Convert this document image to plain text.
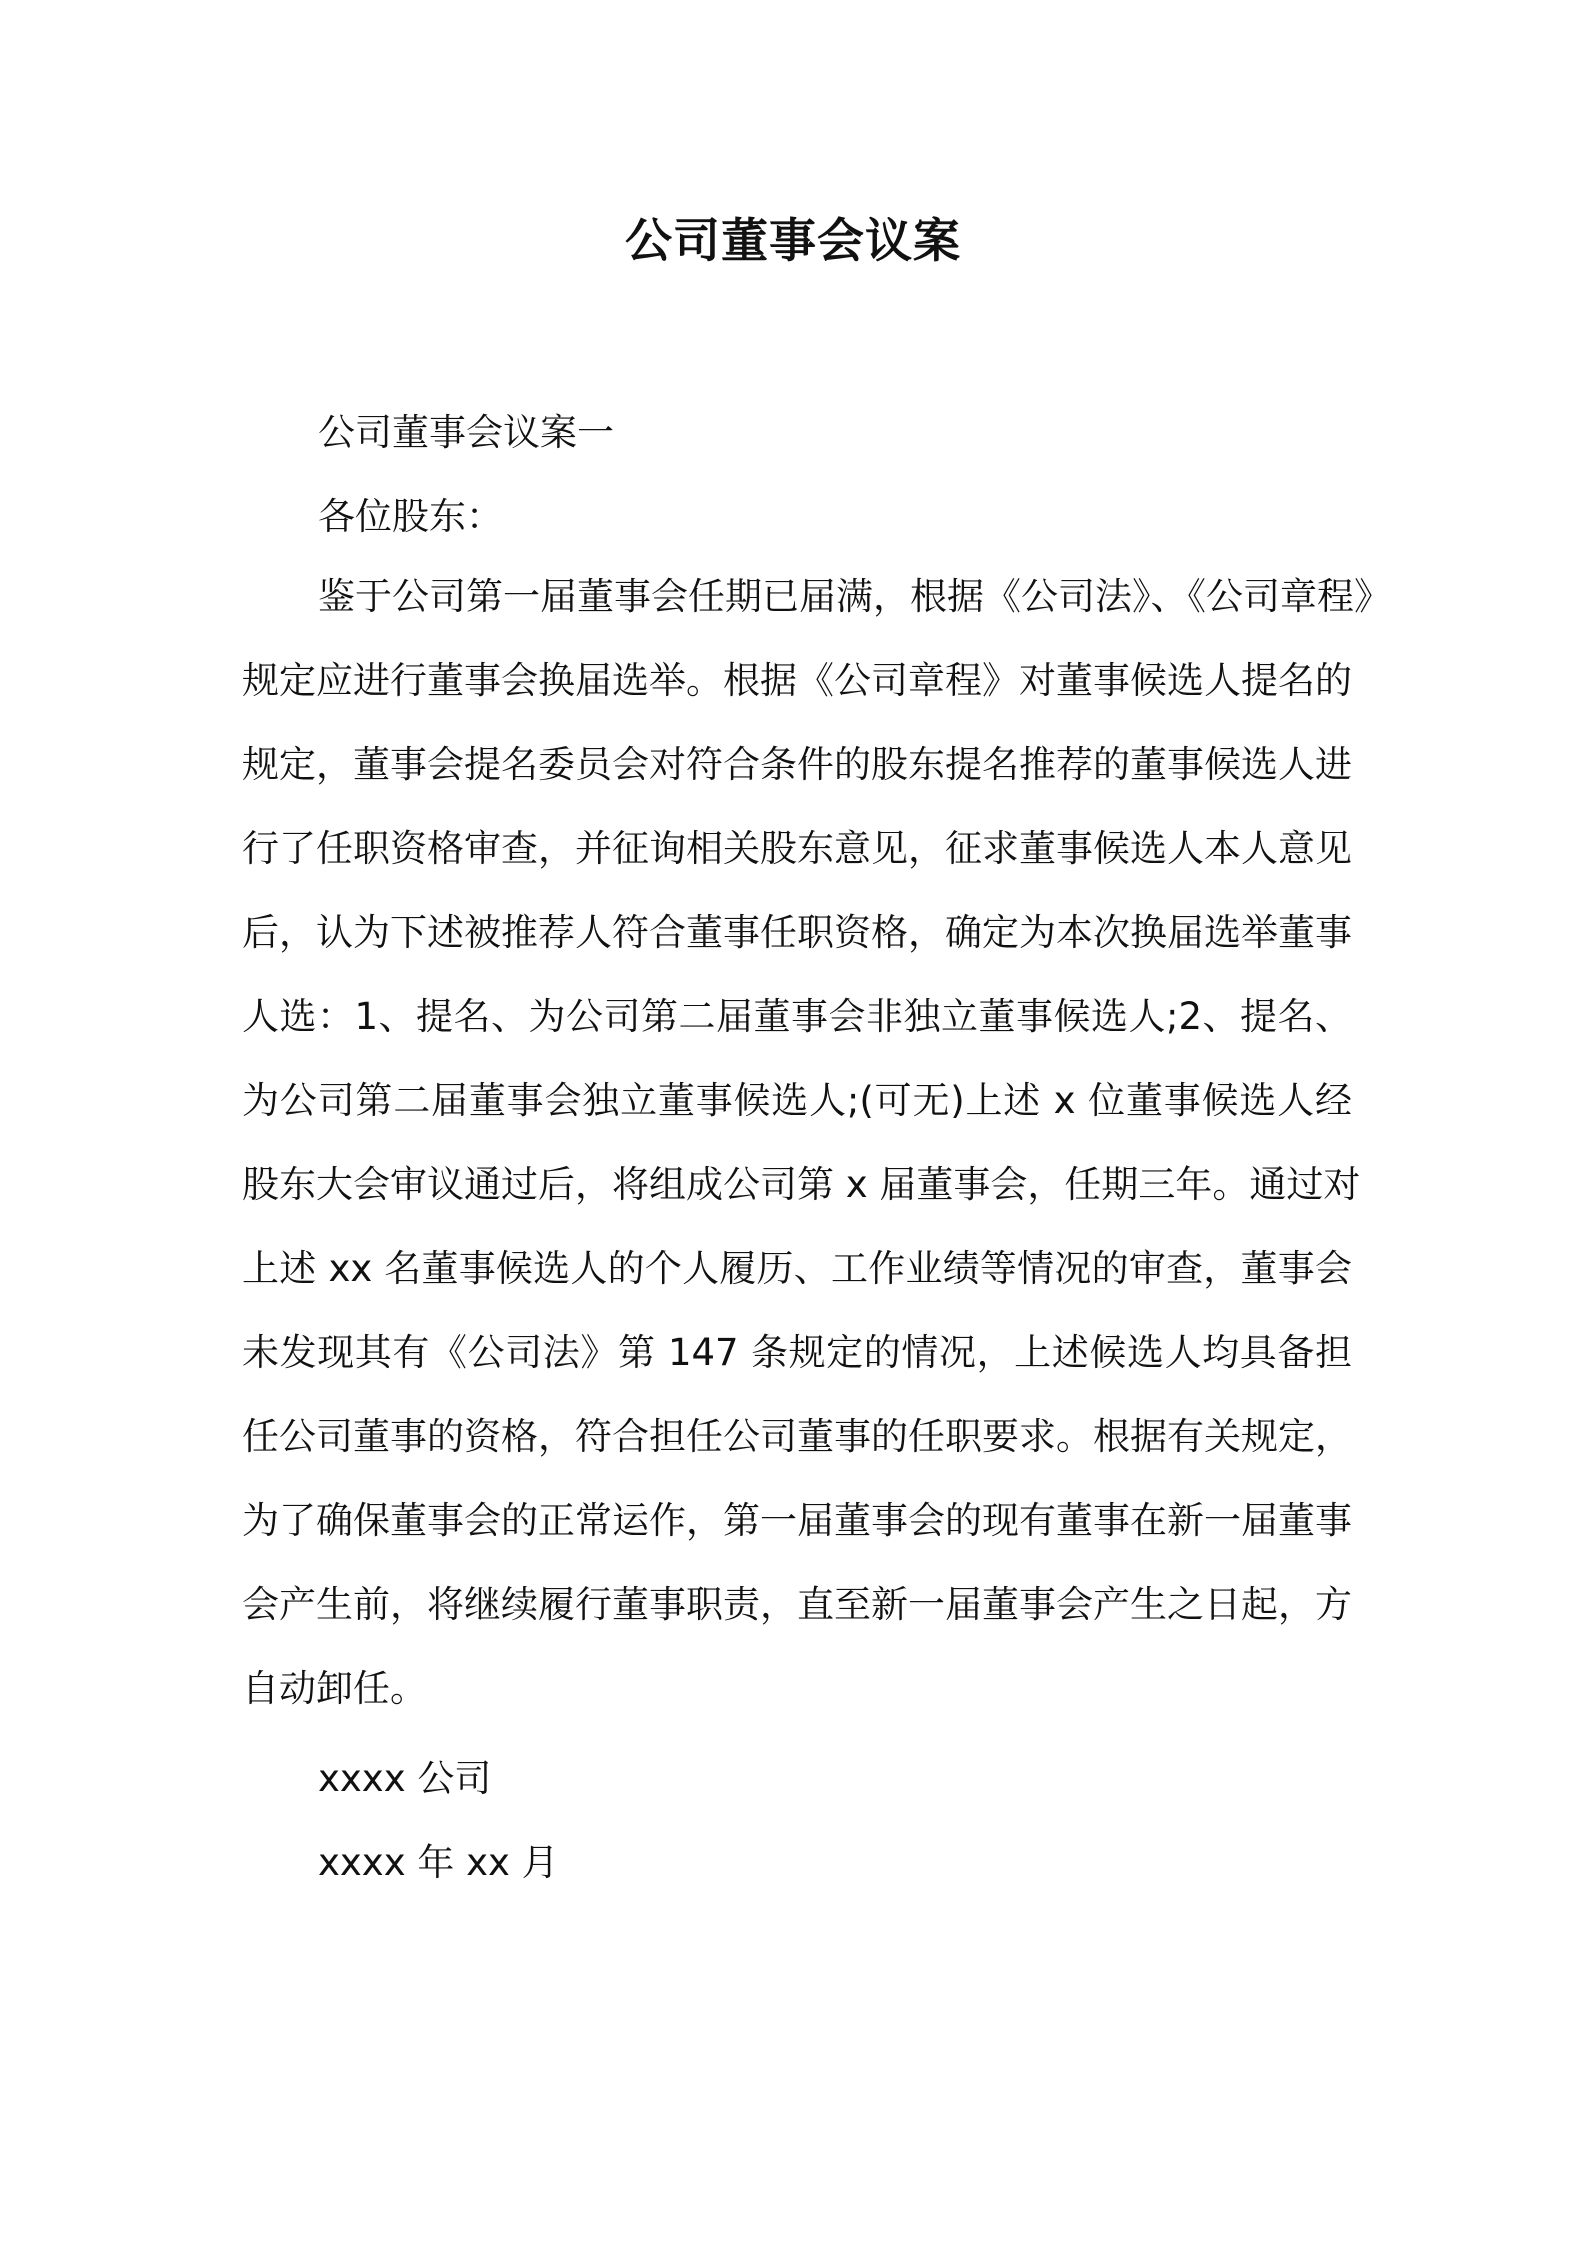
公司董事会议案

公司董事会议案一

各位股东：

鉴于公司第一届董事会任期已届满，根据《公司法》、《公司章程》
规定应进行董事会换届选举。根据《公司章程》对董事候选人提名的
规定，董事会提名委员会对符合条件的股东提名推荐的董事候选人进
行了任职资格审查，并征询相关股东意见，征求董事候选人本人意见
后，认为下述被推荐人符合董事任职资格，确定为本次换届选举董事
人选：1、提名、为公司第二届董事会非独立董事候选人;2、提名、
为公司第二届董事会独立董事候选人;(可无)上述 x 位董事候选人经
股东大会审议通过后，将组成公司第 x 届董事会，任期三年。通过对
上述 xx 名董事候选人的个人履历、工作业绩等情况的审查，董事会
未发现其有《公司法》第 147 条规定的情况，上述候选人均具备担
任公司董事的资格，符合担任公司董事的任职要求。根据有关规定，
为了确保董事会的正常运作，第一届董事会的现有董事在新一届董事
会产生前，将继续履行董事职责，直至新一届董事会产生之日起，方
自动卸任。

xxxx 公司

xxxx 年 xx 月
